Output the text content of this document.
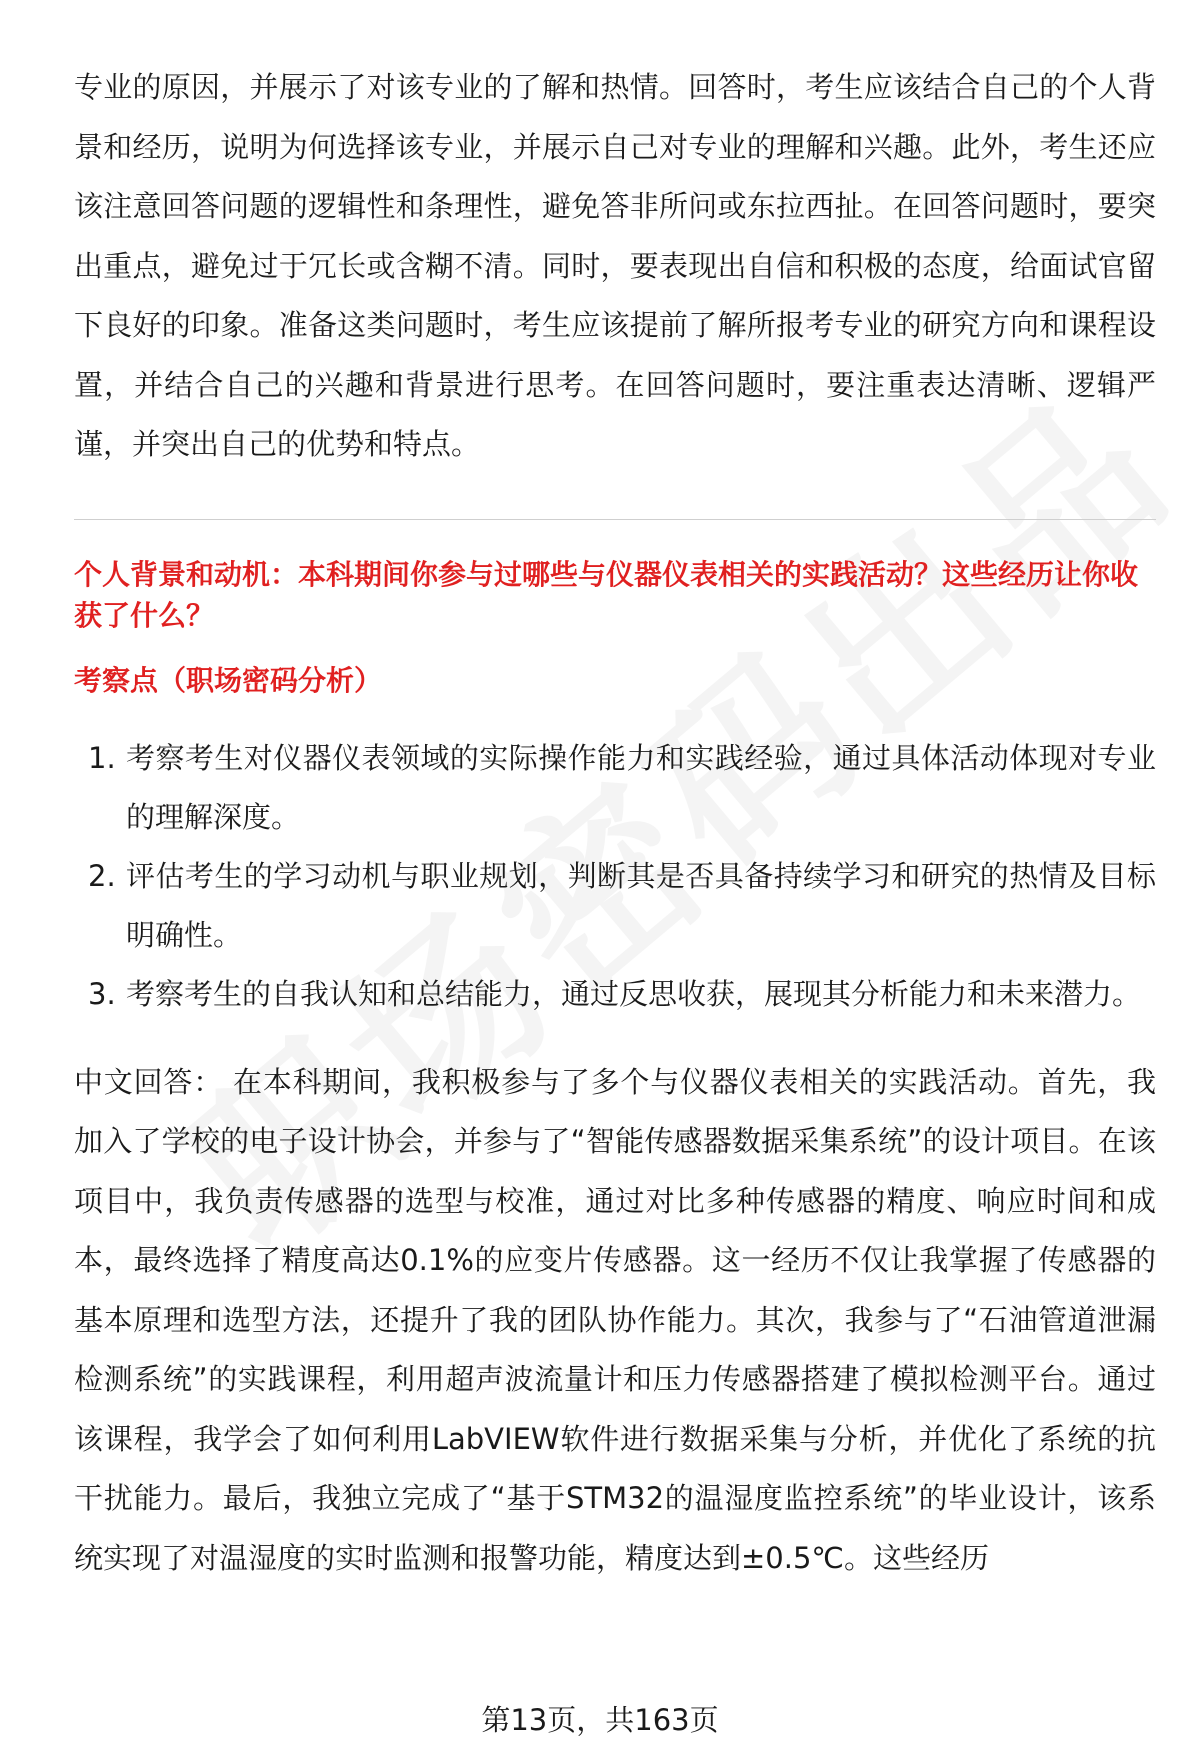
专业的原因，并展示了对该专业的了解和热情。回答时，考生应该结合自己的个人背景和经历，说明为何选择该专业，并展示自己对专业的理解和兴趣。此外，考生还应该注意回答问题的逻辑性和条理性，避免答非所问或东拉西扯。在回答问题时，要突出重点，避免过于冗长或含糊不清。同时，要表现出自信和积极的态度，给面试官留下良好的印象。准备这类问题时，考生应该提前了解所报考专业的研究方向和课程设置，并结合自己的兴趣和背景进行思考。在回答问题时，要注重表达清晰、逻辑严谨，并突出自己的优势和特点。

个人背景和动机：本科期间你参与过哪些与仪器仪表相关的实践活动？这些经历让你收获了什么？
考察点（职场密码分析）
1. 考察考生对仪器仪表领域的实际操作能力和实践经验，通过具体活动体现对专业的理解深度。
2. 评估考生的学习动机与职业规划，判断其是否具备持续学习和研究的热情及目标明确性。
3. 考察考生的自我认知和总结能力，通过反思收获，展现其分析能力和未来潜力。

中文回答： 在本科期间，我积极参与了多个与仪器仪表相关的实践活动。首先，我加入了学校的电子设计协会，并参与了“智能传感器数据采集系统”的设计项目。在该项目中，我负责传感器的选型与校准，通过对比多种传感器的精度、响应时间和成本，最终选择了精度高达0.1%的应变片传感器。这一经历不仅让我掌握了传感器的基本原理和选型方法，还提升了我的团队协作能力。其次，我参与了“石油管道泄漏检测系统”的实践课程，利用超声波流量计和压力传感器搭建了模拟检测平台。通过该课程，我学会了如何利用LabVIEW软件进行数据采集与分析，并优化了系统的抗干扰能力。最后，我独立完成了“基于STM32的温湿度监控系统”的毕业设计，该系统实现了对温湿度的实时监测和报警功能，精度达到±0.5℃。这些经历

第13页，共163页
